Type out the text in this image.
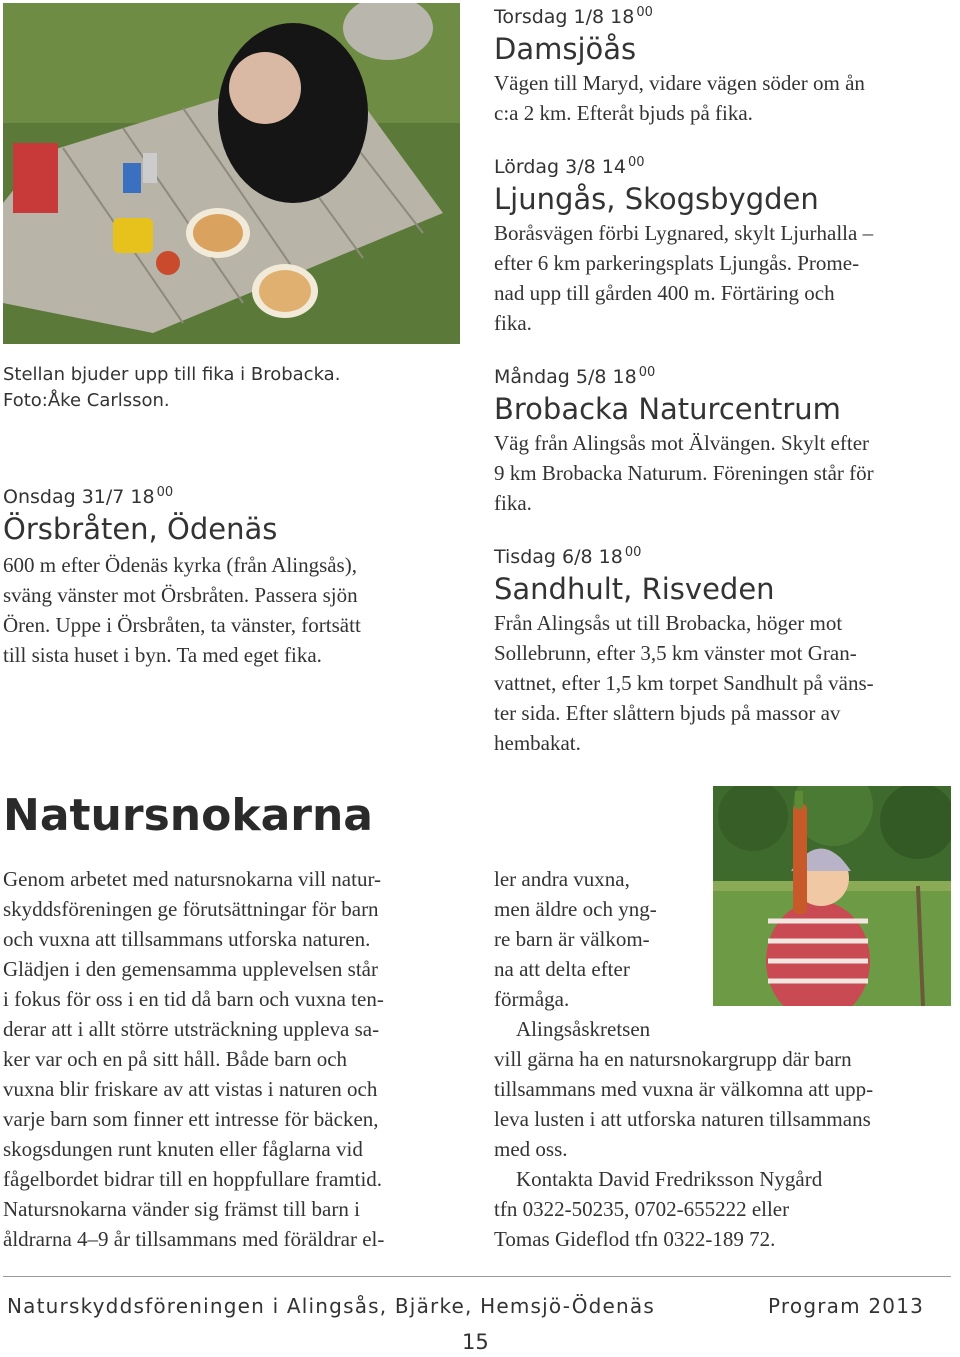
Stellan bjuder upp till fika i Brobacka.
Foto:Åke Carlsson.
Onsdag 31/7 18 $^{00}$
Örsbråten, Ödenäs
600 m efter Ödenäs kyrka (från Alingsås),
sväng vänster mot Örsbråten. Passera sjön
Ören. Uppe i Örsbråten, ta vänster, fortsätt
till sista huset i byn. Ta med eget fika.
Torsdag 1/8 18 $^{00}$
Damsjöås
Vägen till Maryd, vidare vägen söder om ån
c:a 2 km. Efteråt bjuds på fika.
Lördag 3/8 14 $^{00}$
Ljungås, Skogsbygden
Boråsvägen förbi Lygnared, skylt Ljurhalla –
efter 6 km parkeringsplats Ljungås. Prome-
nad upp till gården 400 m. Förtäring och
fika.
Måndag 5/8 18 $^{00}$
Brobacka Naturcentrum
Väg från Alingsås mot Älvängen. Skylt efter
9 km Brobacka Naturum. Föreningen står för
fika.
Tisdag 6/8 18 $^{00}$
Sandhult, Risveden
Från Alingsås ut till Brobacka, höger mot
Sollebrunn, efter 3,5 km vänster mot Gran-
vattnet, efter 1,5 km torpet Sandhult på väns-
ter sida. Efter slåttern bjuds på massor av
hembakat.
Natursnokarna
Genom arbetet med natursnokarna vill natur-
skyddsföreningen ge förutsättningar för barn
och vuxna att tillsammans utforska naturen.
Glädjen i den gemensamma upplevelsen står
i fokus för oss i en tid då barn och vuxna ten-
derar att i allt större utsträckning uppleva sa-
ker var och en på sitt håll. Både barn och
vuxna blir friskare av att vistas i naturen och
varje barn som finner ett intresse för bäcken,
skogsdungen runt knuten eller fåglarna vid
fågelbordet bidrar till en hoppfullare framtid.
Natursnokarna vänder sig främst till barn i
åldrarna 4–9 år tillsammans med föräldrar el-
ler andra vuxna,
men äldre och yng-
re barn är välkom-
na att delta efter
förmåga.
Alingsåskretsen
vill gärna ha en natursnokargrupp där barn
tillsammans med vuxna är välkomna att upp-
leva lusten i att utforska naturen tillsammans
med oss.
Kontakta David Fredriksson Nygård
tfn 0322-50235, 0702-655222 eller
Tomas Gideflod tfn 0322-189 72.
Naturskyddsföreningen i Alingsås, Bjärke, Hemsjö-Ödenäs	Program 2013
15
